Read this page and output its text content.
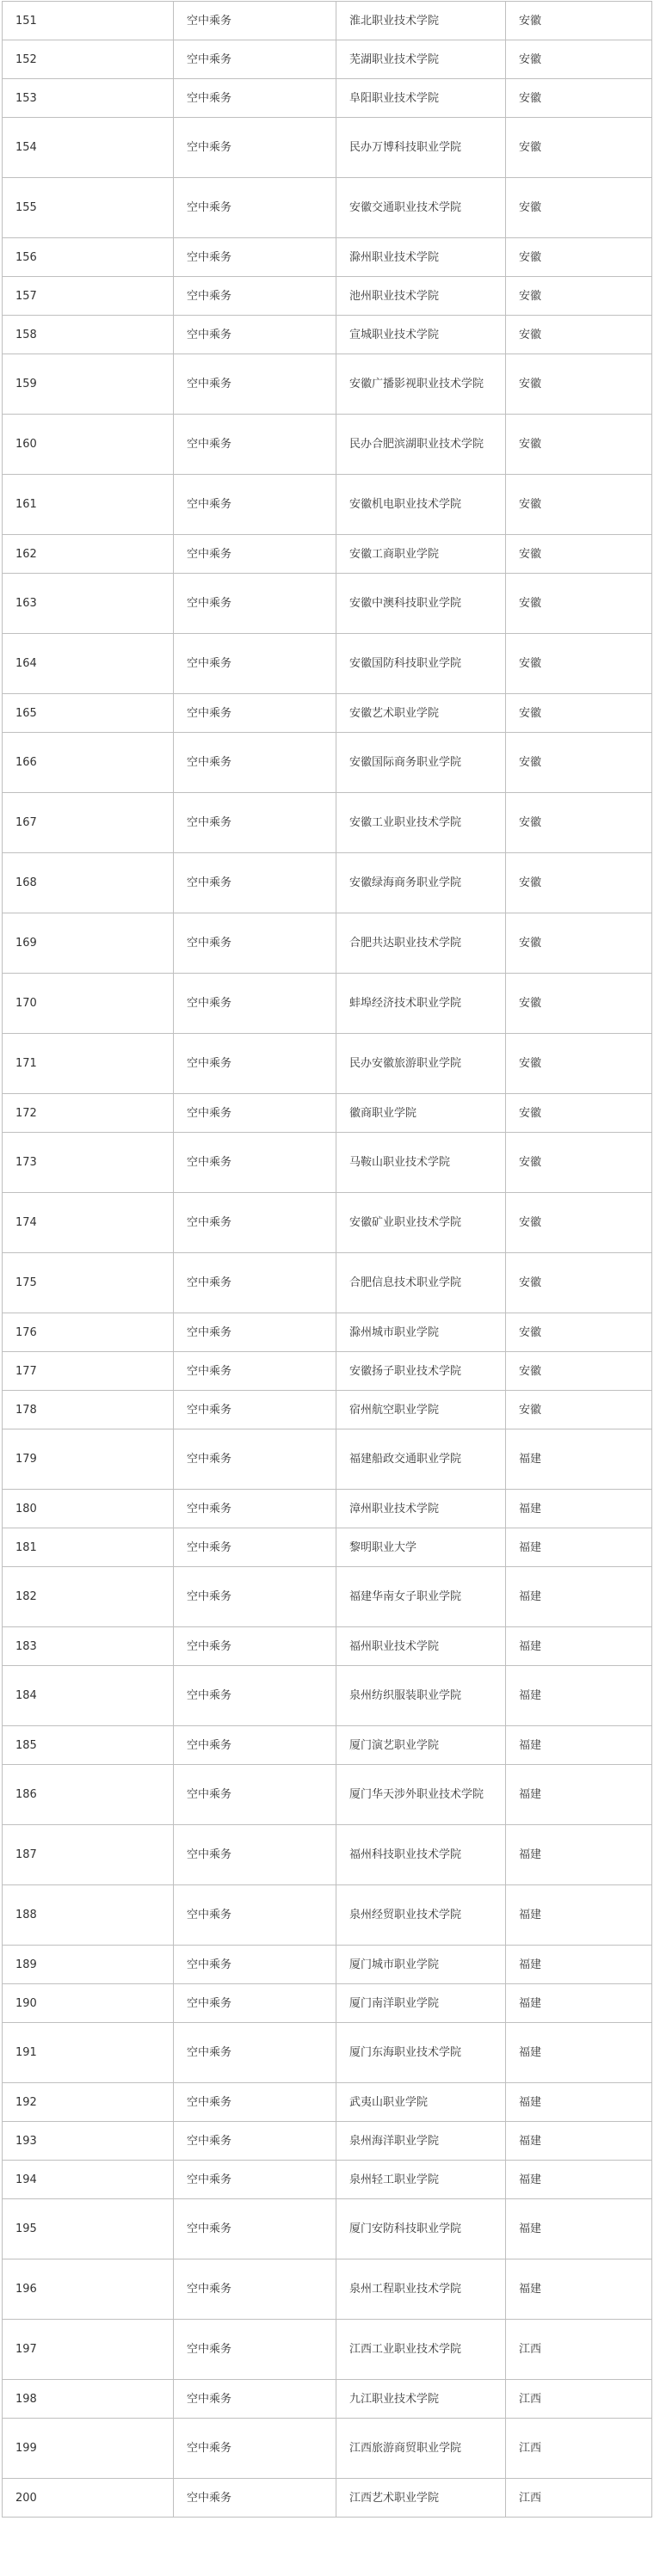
151	空中乘务	淮北职业技术学院	安徽
152	空中乘务	芜湖职业技术学院	安徽
153	空中乘务	阜阳职业技术学院	安徽
154	空中乘务	民办万博科技职业学院	安徽
155	空中乘务	安徽交通职业技术学院	安徽
156	空中乘务	滁州职业技术学院	安徽
157	空中乘务	池州职业技术学院	安徽
158	空中乘务	宣城职业技术学院	安徽
159	空中乘务	安徽广播影视职业技术学院	安徽
160	空中乘务	民办合肥滨湖职业技术学院	安徽
161	空中乘务	安徽机电职业技术学院	安徽
162	空中乘务	安徽工商职业学院	安徽
163	空中乘务	安徽中澳科技职业学院	安徽
164	空中乘务	安徽国防科技职业学院	安徽
165	空中乘务	安徽艺术职业学院	安徽
166	空中乘务	安徽国际商务职业学院	安徽
167	空中乘务	安徽工业职业技术学院	安徽
168	空中乘务	安徽绿海商务职业学院	安徽
169	空中乘务	合肥共达职业技术学院	安徽
170	空中乘务	蚌埠经济技术职业学院	安徽
171	空中乘务	民办安徽旅游职业学院	安徽
172	空中乘务	徽商职业学院	安徽
173	空中乘务	马鞍山职业技术学院	安徽
174	空中乘务	安徽矿业职业技术学院	安徽
175	空中乘务	合肥信息技术职业学院	安徽
176	空中乘务	滁州城市职业学院	安徽
177	空中乘务	安徽扬子职业技术学院	安徽
178	空中乘务	宿州航空职业学院	安徽
179	空中乘务	福建船政交通职业学院	福建
180	空中乘务	漳州职业技术学院	福建
181	空中乘务	黎明职业大学	福建
182	空中乘务	福建华南女子职业学院	福建
183	空中乘务	福州职业技术学院	福建
184	空中乘务	泉州纺织服装职业学院	福建
185	空中乘务	厦门演艺职业学院	福建
186	空中乘务	厦门华天涉外职业技术学院	福建
187	空中乘务	福州科技职业技术学院	福建
188	空中乘务	泉州经贸职业技术学院	福建
189	空中乘务	厦门城市职业学院	福建
190	空中乘务	厦门南洋职业学院	福建
191	空中乘务	厦门东海职业技术学院	福建
192	空中乘务	武夷山职业学院	福建
193	空中乘务	泉州海洋职业学院	福建
194	空中乘务	泉州轻工职业学院	福建
195	空中乘务	厦门安防科技职业学院	福建
196	空中乘务	泉州工程职业技术学院	福建
197	空中乘务	江西工业职业技术学院	江西
198	空中乘务	九江职业技术学院	江西
199	空中乘务	江西旅游商贸职业学院	江西
200	空中乘务	江西艺术职业学院	江西
